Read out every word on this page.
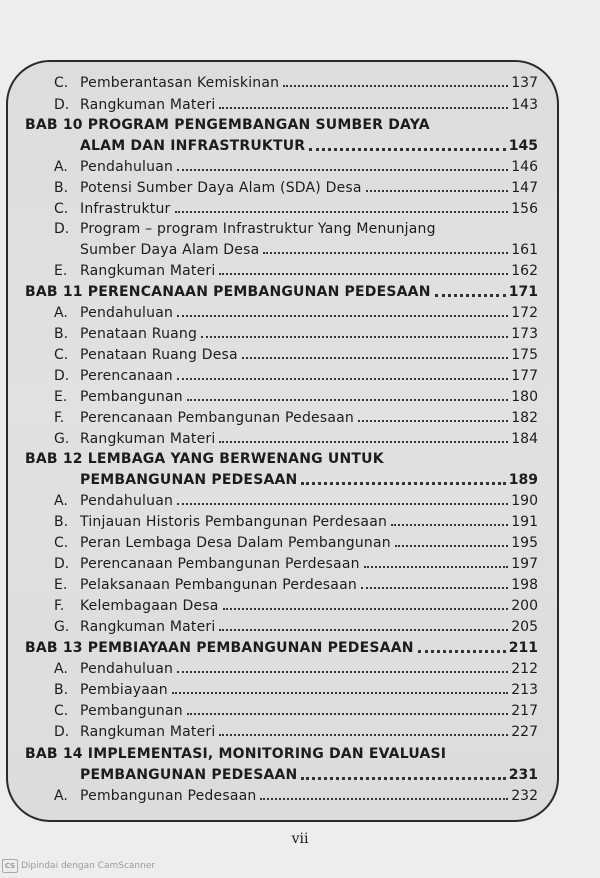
C. Pemberantasan Kemiskinan	137
D. Rangkuman Materi	143
BAB 10 PROGRAM PENGEMBANGAN SUMBER DAYA
ALAM DAN INFRASTRUKTUR	145
A. Pendahuluan	146
B. Potensi Sumber Daya Alam (SDA) Desa	147
C. Infrastruktur	156
D. Program – program Infrastruktur Yang Menunjang
Sumber Daya Alam Desa	161
E. Rangkuman Materi	162
BAB 11 PERENCANAAN PEMBANGUNAN PEDESAAN	171
A. Pendahuluan	172
B. Penataan Ruang	173
C. Penataan Ruang Desa	175
D. Perencanaan	177
E. Pembangunan	180
F. Perencanaan Pembangunan Pedesaan	182
G. Rangkuman Materi	184
BAB 12 LEMBAGA YANG BERWENANG UNTUK
PEMBANGUNAN PEDESAAN	189
A. Pendahuluan	190
B. Tinjauan Historis Pembangunan Perdesaan	191
C. Peran Lembaga Desa Dalam Pembangunan	195
D. Perencanaan Pembangunan Perdesaan	197
E. Pelaksanaan Pembangunan Perdesaan	198
F. Kelembagaan Desa	200
G. Rangkuman Materi	205
BAB 13 PEMBIAYAAN PEMBANGUNAN PEDESAAN	211
A. Pendahuluan	212
B. Pembiayaan	213
C. Pembangunan	217
D. Rangkuman Materi	227
BAB 14 IMPLEMENTASI, MONITORING DAN EVALUASI
PEMBANGUNAN PEDESAAN	231
A. Pembangunan Pedesaan	232
vii
CS Dipindai dengan CamScanner
